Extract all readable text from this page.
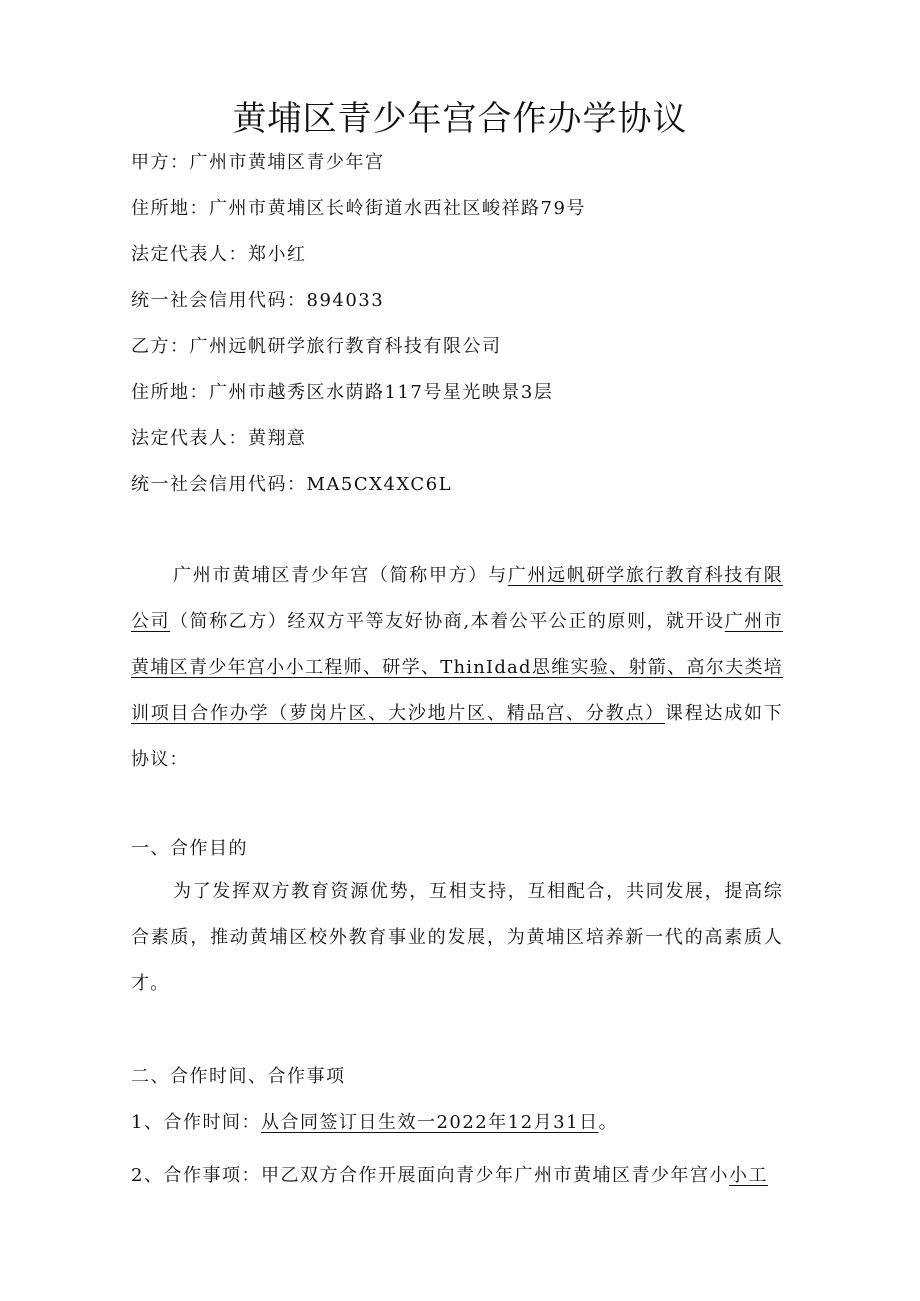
黄埔区青少年宫合作办学协议
甲方：广州市黄埔区青少年宫
住所地：广州市黄埔区长岭街道水西社区峻祥路79号
法定代表人：郑小红
统一社会信用代码：894033
乙方：广州远帆研学旅行教育科技有限公司
住所地：广州市越秀区水荫路117号星光映景3层
法定代表人：黄翔意
统一社会信用代码：MA5CX4XC6L
广州市黄埔区青少年宫（简称甲方）与广州远帆研学旅行教育科技有限公司（简称乙方）经双方平等友好协商,本着公平公正的原则，就开设广州市黄埔区青少年宫小小工程师、研学、ThinIdad思维实验、射箭、高尔夫类培训项目合作办学（萝岗片区、大沙地片区、精品宫、分教点）课程达成如下协议：
一、合作目的
为了发挥双方教育资源优势，互相支持，互相配合，共同发展，提高综合素质，推动黄埔区校外教育事业的发展，为黄埔区培养新一代的高素质人才。
二、合作时间、合作事项
1、合作时间：从合同签订日生效一2022年12月31日。
2、合作事项：甲乙双方合作开展面向青少年广州市黄埔区青少年宫小小工
